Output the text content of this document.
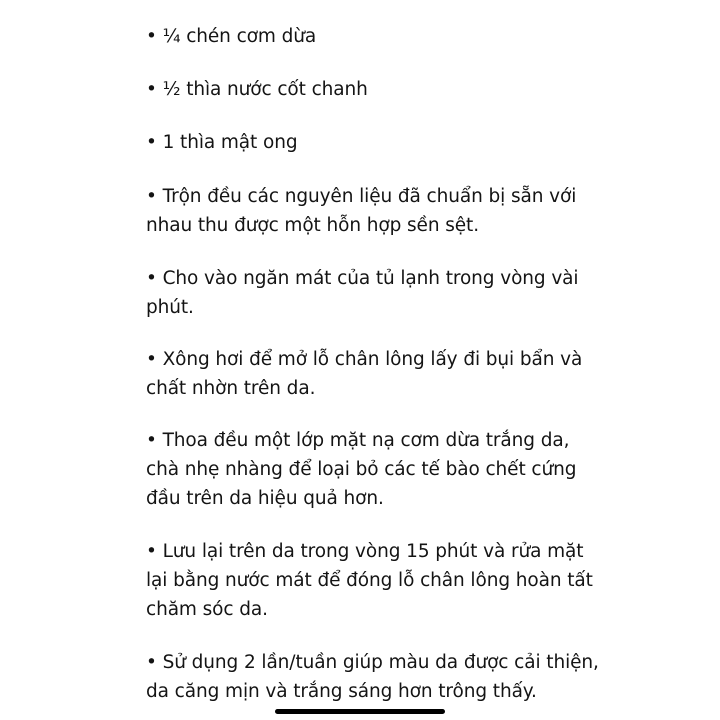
• ¼ chén cơm dừa
• ½ thìa nước cốt chanh
• 1 thìa mật ong
• Trộn đều các nguyên liệu đã chuẩn bị sẵn với
nhau thu được một hỗn hợp sền sệt.
• Cho vào ngăn mát của tủ lạnh trong vòng vài
phút.
• Xông hơi để mở lỗ chân lông lấy đi bụi bẩn và
chất nhờn trên da.
• Thoa đều một lớp mặt nạ cơm dừa trắng da,
chà nhẹ nhàng để loại bỏ các tế bào chết cứng
đầu trên da hiệu quả hơn.
• Lưu lại trên da trong vòng 15 phút và rửa mặt
lại bằng nước mát để đóng lỗ chân lông hoàn tất
chăm sóc da.
• Sử dụng 2 lần/tuần giúp màu da được cải thiện,
da căng mịn và trắng sáng hơn trông thấy.
